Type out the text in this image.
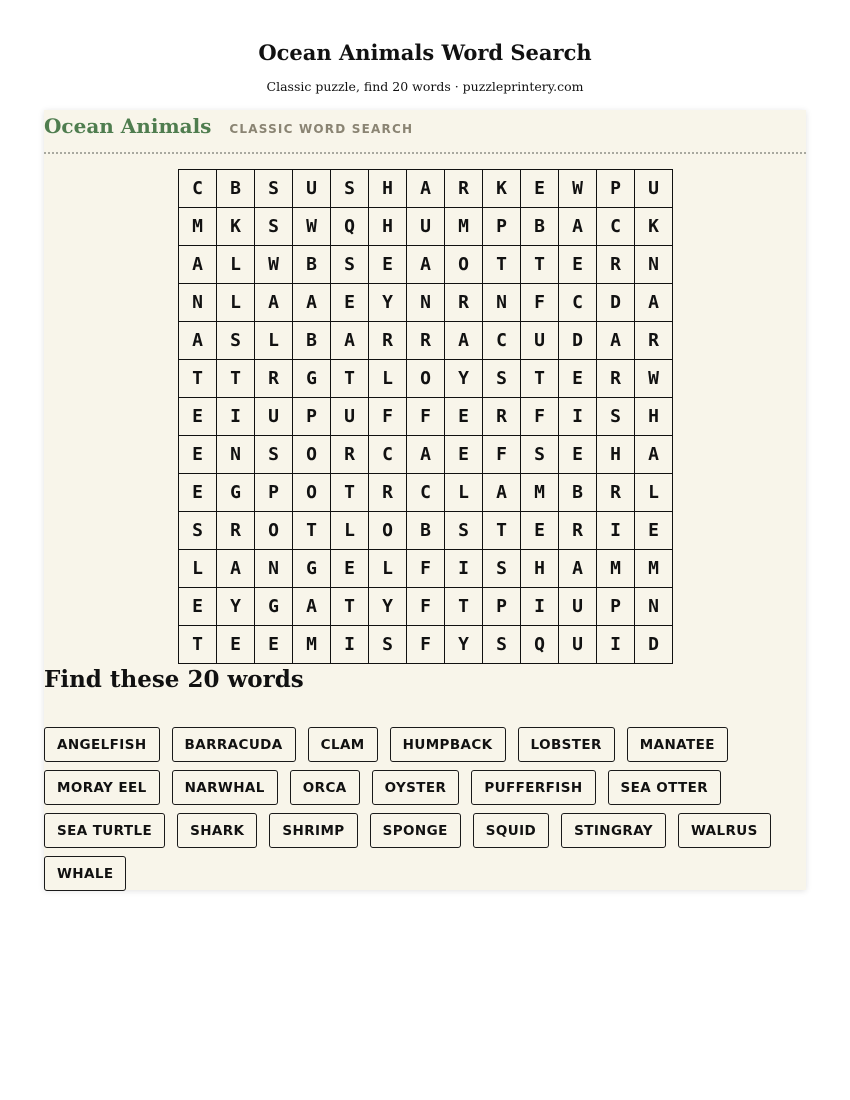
Ocean Animals Word Search
Classic puzzle, find 20 words · puzzleprintery.com
Ocean Animals CLASSIC WORD SEARCH
C	B	S	U	S	H	A	R	K	E	W	P	U
M	K	S	W	Q	H	U	M	P	B	A	C	K
A	L	W	B	S	E	A	O	T	T	E	R	N
N	L	A	A	E	Y	N	R	N	F	C	D	A
A	S	L	B	A	R	R	A	C	U	D	A	R
T	T	R	G	T	L	O	Y	S	T	E	R	W
E	I	U	P	U	F	F	E	R	F	I	S	H
E	N	S	O	R	C	A	E	F	S	E	H	A
E	G	P	O	T	R	C	L	A	M	B	R	L
S	R	O	T	L	O	B	S	T	E	R	I	E
L	A	N	G	E	L	F	I	S	H	A	M	M
E	Y	G	A	T	Y	F	T	P	I	U	P	N
T	E	E	M	I	S	F	Y	S	Q	U	I	D
Find these 20 words
ANGELFISH	BARRACUDA	CLAM	HUMPBACK	LOBSTER	MANATEE
MORAY EEL	NARWHAL	ORCA	OYSTER	PUFFERFISH	SEA OTTER
SEA TURTLE	SHARK	SHRIMP	SPONGE	SQUID	STINGRAY	WALRUS
WHALE
